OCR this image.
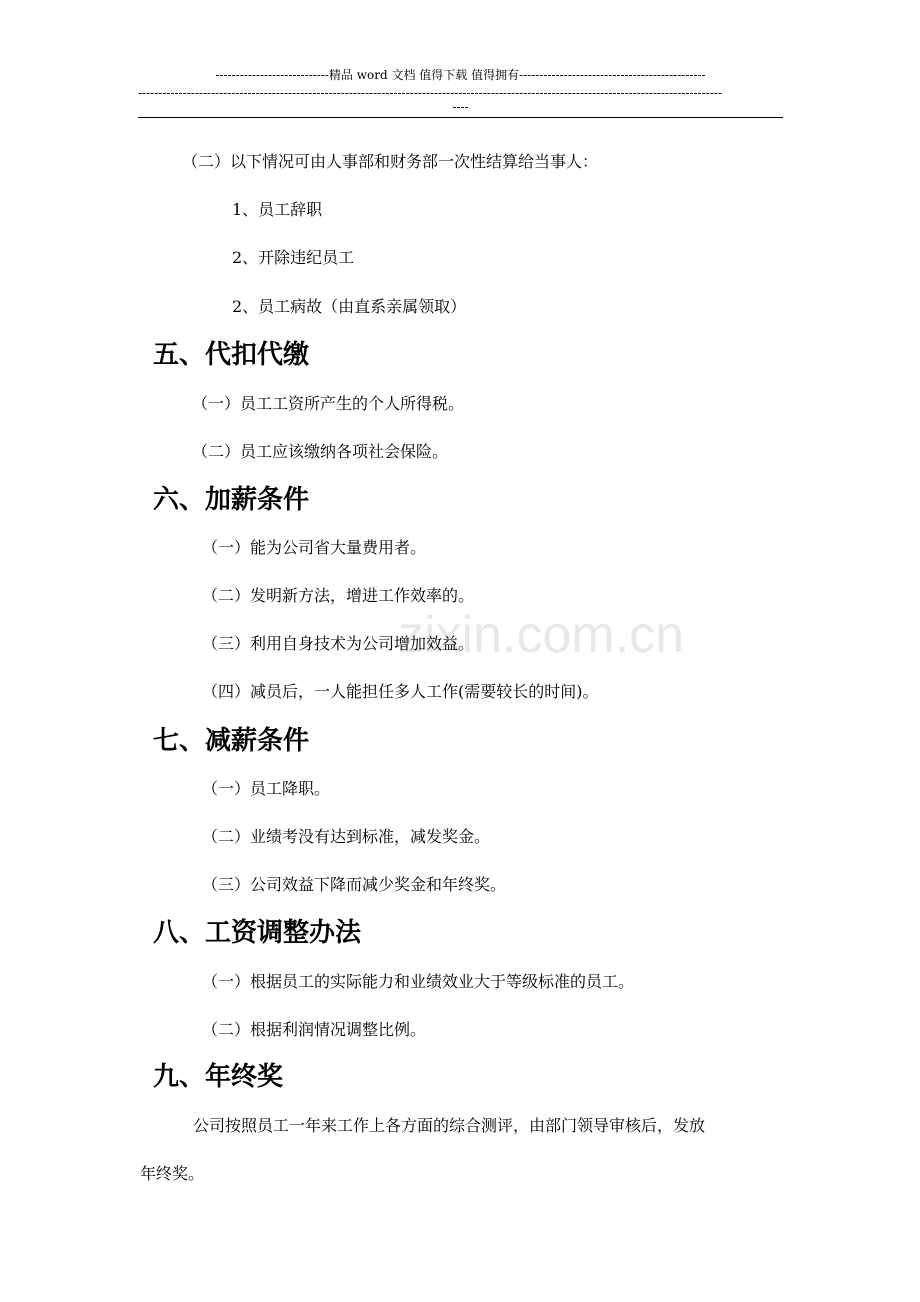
----------------------------精品 word 文档 值得下载 值得拥有----------------------------------------------
------------------------------------------------------------------------------------------------------------------------------------------------
----
zixin.com.cn
（二）以下情况可由人事部和财务部一次性结算给当事人：
1、员工辞职
2、开除违纪员工
2、员工病故（由直系亲属领取）
五、代扣代缴
（一）员工工资所产生的个人所得税。
（二）员工应该缴纳各项社会保险。
六、加薪条件
（一）能为公司省大量费用者。
（二）发明新方法，增进工作效率的。
（三）利用自身技术为公司增加效益。
（四）减员后，一人能担任多人工作(需要较长的时间)。
七、减薪条件
（一）员工降职。
（二）业绩考没有达到标准，减发奖金。
（三）公司效益下降而减少奖金和年终奖。
八、工资调整办法
（一）根据员工的实际能力和业绩效业大于等级标准的员工。
（二）根据利润情况调整比例。
九、年终奖
公司按照员工一年来工作上各方面的综合测评，由部门领导审核后，发放
年终奖。
